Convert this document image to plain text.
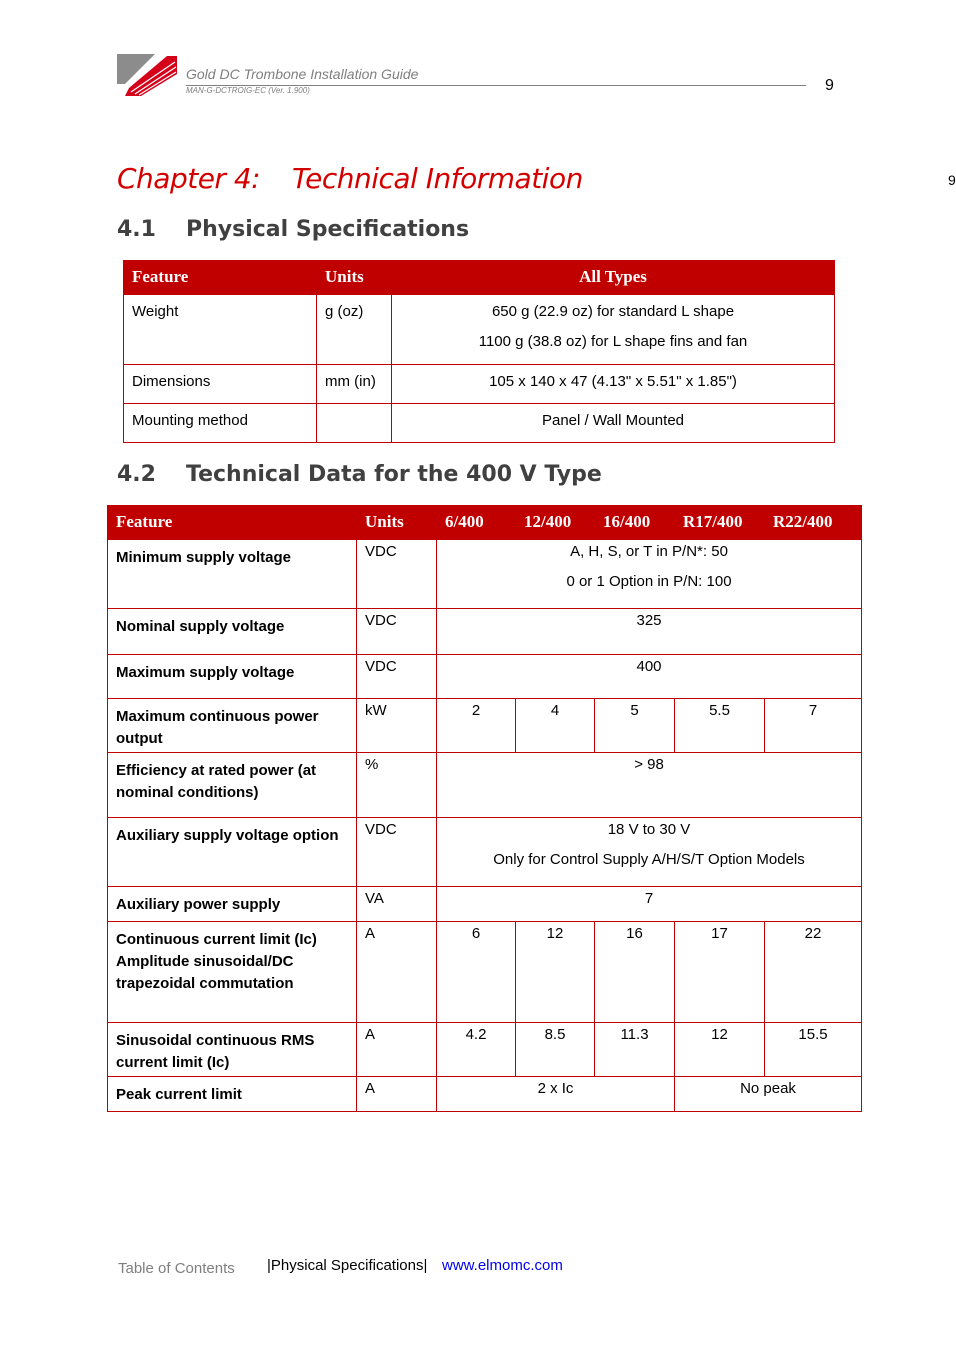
Gold DC Trombone Installation Guide
MAN-G-DCTROIG-EC (Ver. 1.900)	9
9
Chapter 4: Technical Information
4.1 Physical Specifications
Feature	Units	All Types
Weight	g (oz)	650 g (22.9 oz) for standard L shape

1100 g (38.8 oz) for L shape fins and fan

Dimensions	mm (in)	105 x 140 x 47 (4.13" x 5.51" x 1.85")
Mounting method		Panel / Wall Mounted
4.2 Technical Data for the 400 V Type
Feature	Units	6/400	12/400	16/400	R17/400	R22/400
Minimum supply voltage	VDC	A, H, S, or T in P/N*: 50

0 or 1 Option in P/N: 100				

Nominal supply voltage	VDC	325				
Maximum supply voltage	VDC	400				
Maximum continuous power output	kW	2	4	5	5.5	7
Efficiency at rated power (at nominal conditions)	%	> 98				
Auxiliary supply voltage option	VDC	18 V to 30 V

Only for Control Supply A/H/S/T Option Models				

Auxiliary power supply	VA	7				

Continuous current limit (Ic)
Amplitude sinusoidal/DC trapezoidal commutation	A	6	12	16	17	22
Sinusoidal continuous RMS current limit (Ic)	A	4.2	8.5	11.3	12	15.5
Peak current limit	A	2 x Ic			No peak	
Table of Contents |Physical Specifications| www.elmomc.com
